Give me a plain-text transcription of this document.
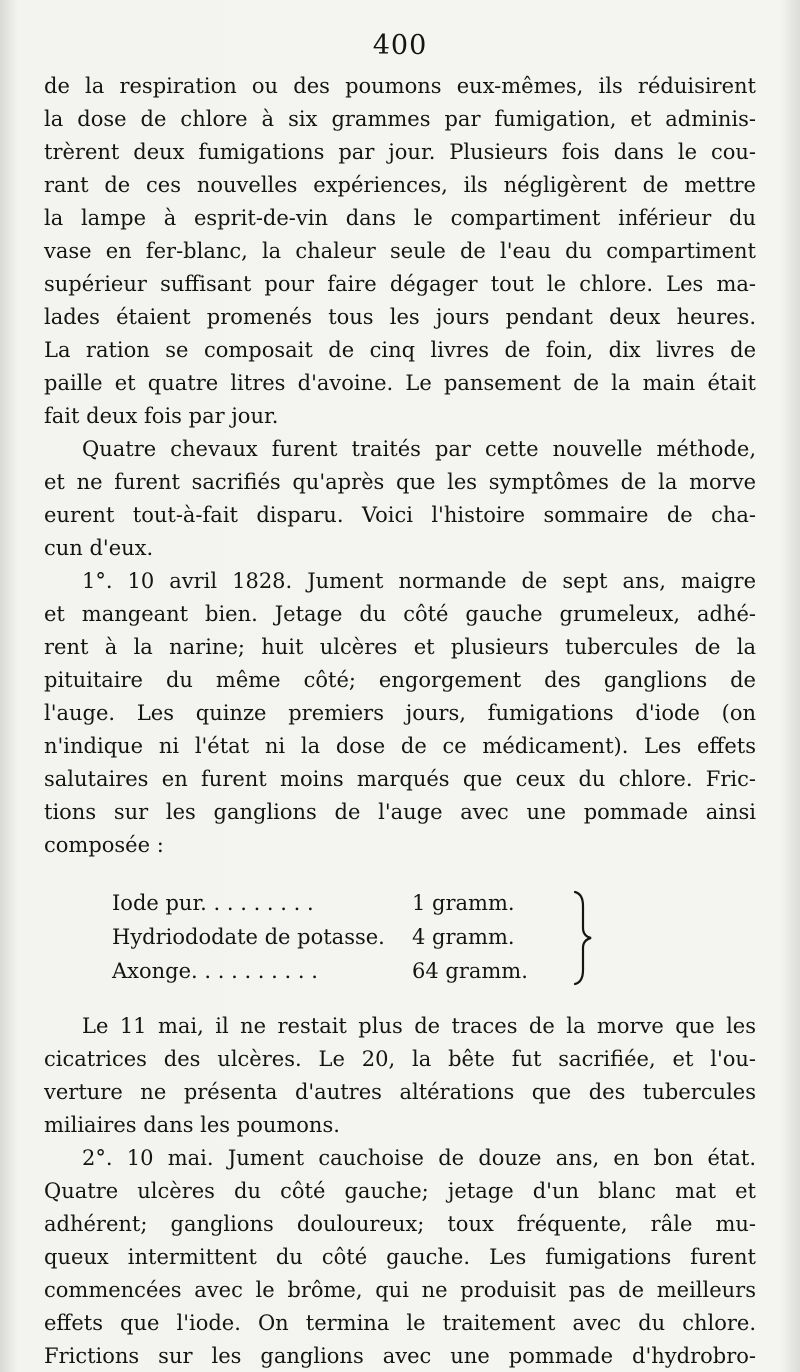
400

de la respiration ou des poumons eux-mêmes, ils réduisirent
la dose de chlore à six grammes par fumigation, et adminis-
trèrent deux fumigations par jour. Plusieurs fois dans le cou-
rant de ces nouvelles expériences, ils négligèrent de mettre
la lampe à esprit-de-vin dans le compartiment inférieur du
vase en fer-blanc, la chaleur seule de l'eau du compartiment
supérieur suffisant pour faire dégager tout le chlore. Les ma-
lades étaient promenés tous les jours pendant deux heures.
La ration se composait de cinq livres de foin, dix livres de
paille et quatre litres d'avoine. Le pansement de la main était
fait deux fois par jour.

Quatre chevaux furent traités par cette nouvelle méthode,
et ne furent sacrifiés qu'après que les symptômes de la morve
eurent tout-à-fait disparu. Voici l'histoire sommaire de cha-
cun d'eux.

1°. 10 avril 1828. Jument normande de sept ans, maigre
et mangeant bien. Jetage du côté gauche grumeleux, adhé-
rent à la narine; huit ulcères et plusieurs tubercules de la
pituitaire du même côté; engorgement des ganglions de
l'auge. Les quinze premiers jours, fumigations d'iode (on
n'indique ni l'état ni la dose de ce médicament). Les effets
salutaires en furent moins marqués que ceux du chlore. Fric-
tions sur les ganglions de l'auge avec une pommade ainsi
composée :

Iode pur. . . . . . . . .	1 gramm.
Hydriododate de potasse. 4 gramm.
Axonge. . . . . . . . . .	64 gramm.

Le 11 mai, il ne restait plus de traces de la morve que les
cicatrices des ulcères. Le 20, la bête fut sacrifiée, et l'ou-
verture ne présenta d'autres altérations que des tubercules
miliaires dans les poumons.

2°. 10 mai. Jument cauchoise de douze ans, en bon état.
Quatre ulcères du côté gauche; jetage d'un blanc mat et
adhérent; ganglions douloureux; toux fréquente, râle mu-
queux intermittent du côté gauche. Les fumigations furent
commencées avec le brôme, qui ne produisit pas de meilleurs
effets que l'iode. On termina le traitement avec du chlore.
Frictions sur les ganglions avec une pommade d'hydrobro-
